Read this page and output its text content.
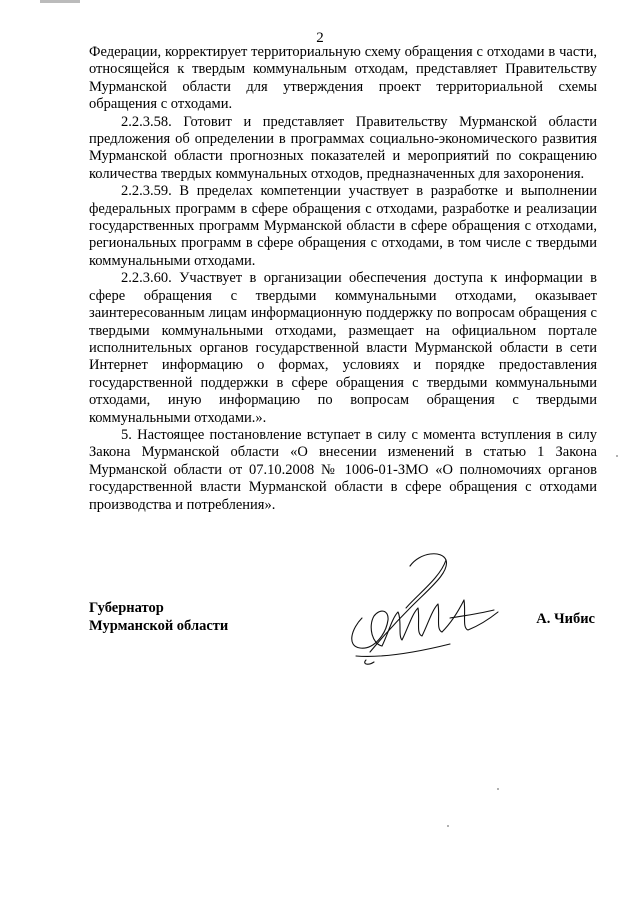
2

Федерации, корректирует территориальную схему обращения с отходами в части, относящейся к твердым коммунальным отходам, представляет Правительству Мурманской области для утверждения проект территориальной схемы обращения с отходами.

2.2.3.58. Готовит и представляет Правительству Мурманской области предложения об определении в программах социально-экономического развития Мурманской области прогнозных показателей и мероприятий по сокращению количества твердых коммунальных отходов, предназначенных для захоронения.

2.2.3.59. В пределах компетенции участвует в разработке и выполнении федеральных программ в сфере обращения с отходами, разработке и реализации государственных программ Мурманской области в сфере обращения с отходами, региональных программ в сфере обращения с отходами, в том числе с твердыми коммунальными отходами.

2.2.3.60. Участвует в организации обеспечения доступа к информации в сфере обращения с твердыми коммунальными отходами, оказывает заинтересованным лицам информационную поддержку по вопросам обращения с твердыми коммунальными отходами, размещает на официальном портале исполнительных органов государственной власти Мурманской области в сети Интернет информацию о формах, условиях и порядке предоставления государственной поддержки в сфере обращения с твердыми коммунальными отходами, иную информацию по вопросам обращения с твердыми коммунальными отходами.».

5. Настоящее постановление вступает в силу с момента вступления в силу Закона Мурманской области «О внесении изменений в статью 1 Закона Мурманской области от 07.10.2008 № 1006-01-ЗМО «О полномочиях органов государственной власти Мурманской области в сфере обращения с отходами производства и потребления».

Губернатор
Мурманской области	А. Чибис
